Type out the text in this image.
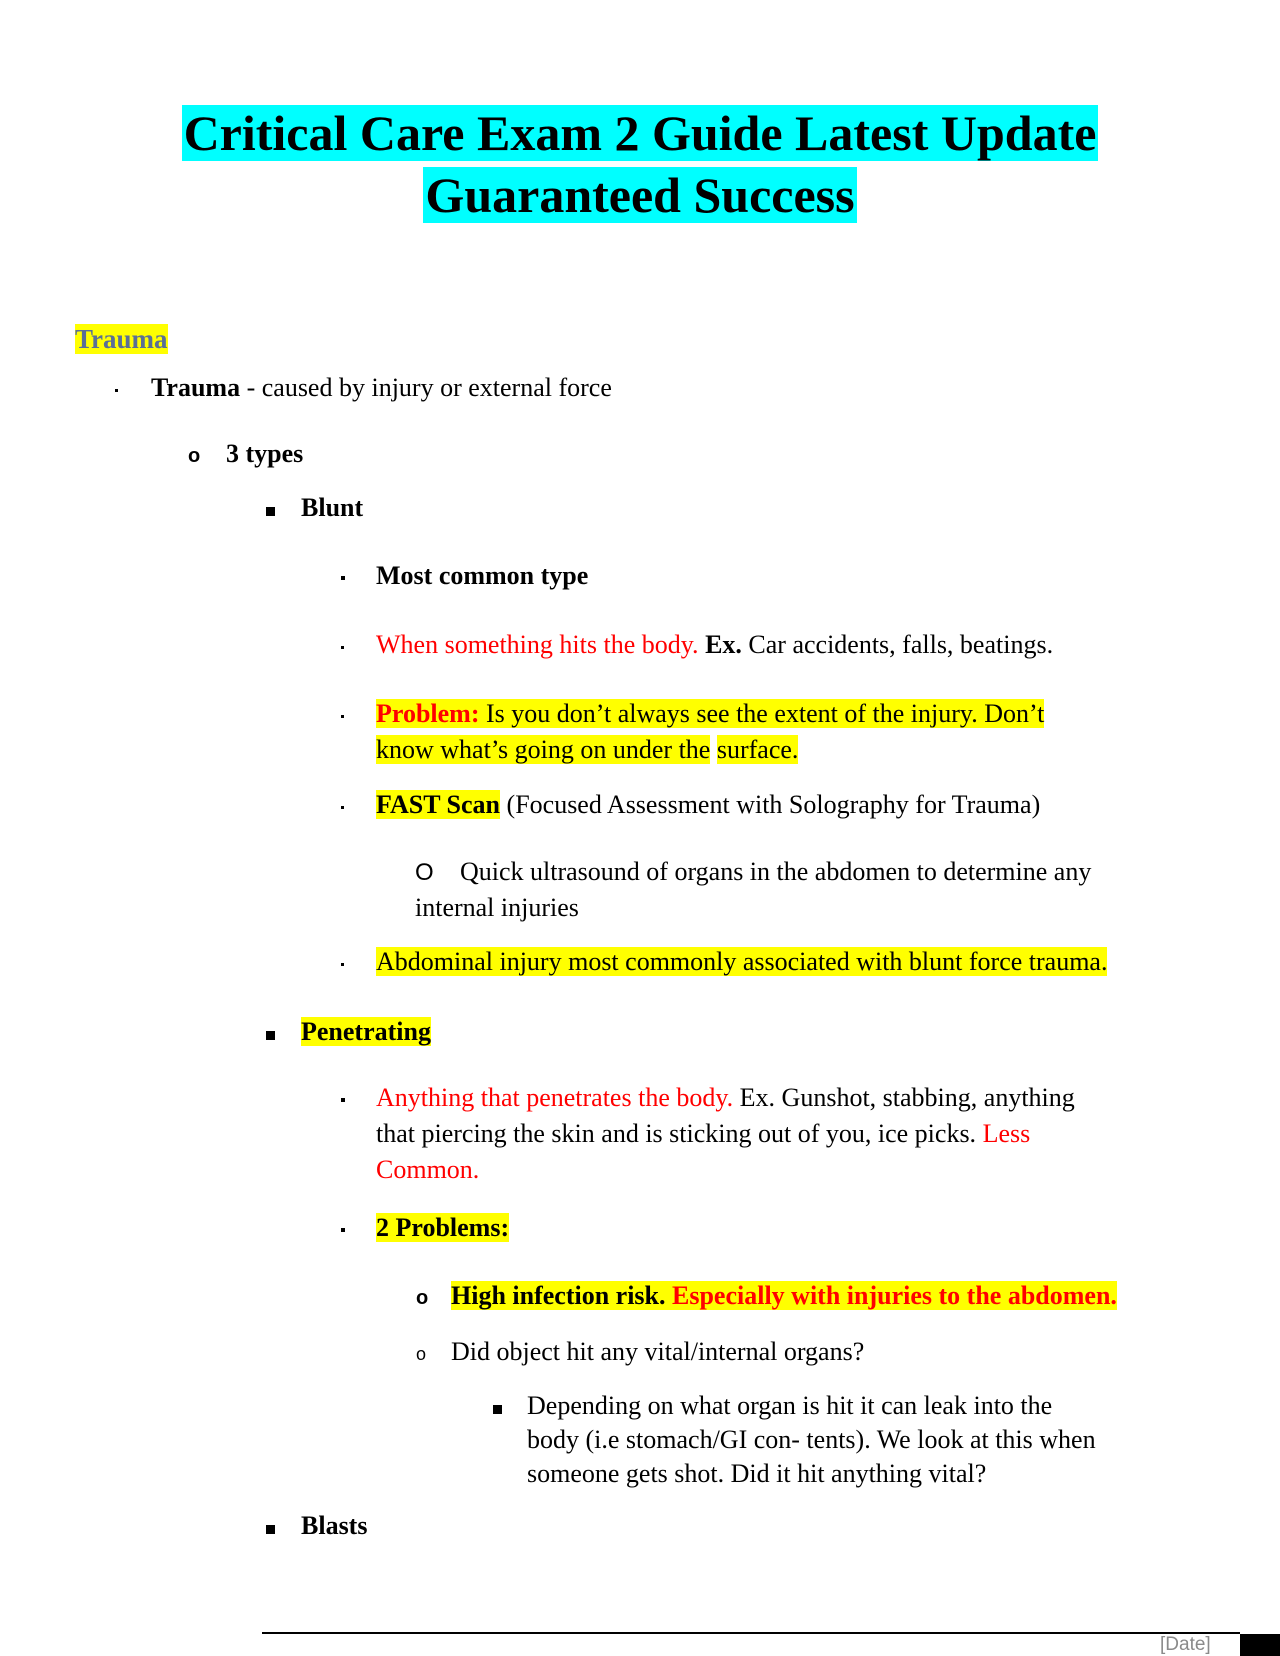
Critical Care Exam 2 Guide Latest Update
Guaranteed Success
Trauma
Trauma - caused by injury or external force
o 3 types
Blunt
Most common type
When something hits the body. Ex. Car accidents, falls, beatings.
Problem: Is you don’t always see the extent of the injury. Don’t
know what’s going on under the surface.
FAST Scan (Focused Assessment with Solography for Trauma)
O Quick ultrasound of organs in the abdomen to determine any
internal injuries
Abdominal injury most commonly associated with blunt force trauma.
Penetrating
Anything that penetrates the body. Ex. Gunshot, stabbing, anything
that piercing the skin and is sticking out of you, ice picks. Less
Common.
2 Problems:
o High infection risk. Especially with injuries to the abdomen.
o Did object hit any vital/internal organs?
Depending on what organ is hit it can leak into the
body (i.e stomach/GI con- tents). We look at this when
someone gets shot. Did it hit anything vital?
Blasts
[Date]
